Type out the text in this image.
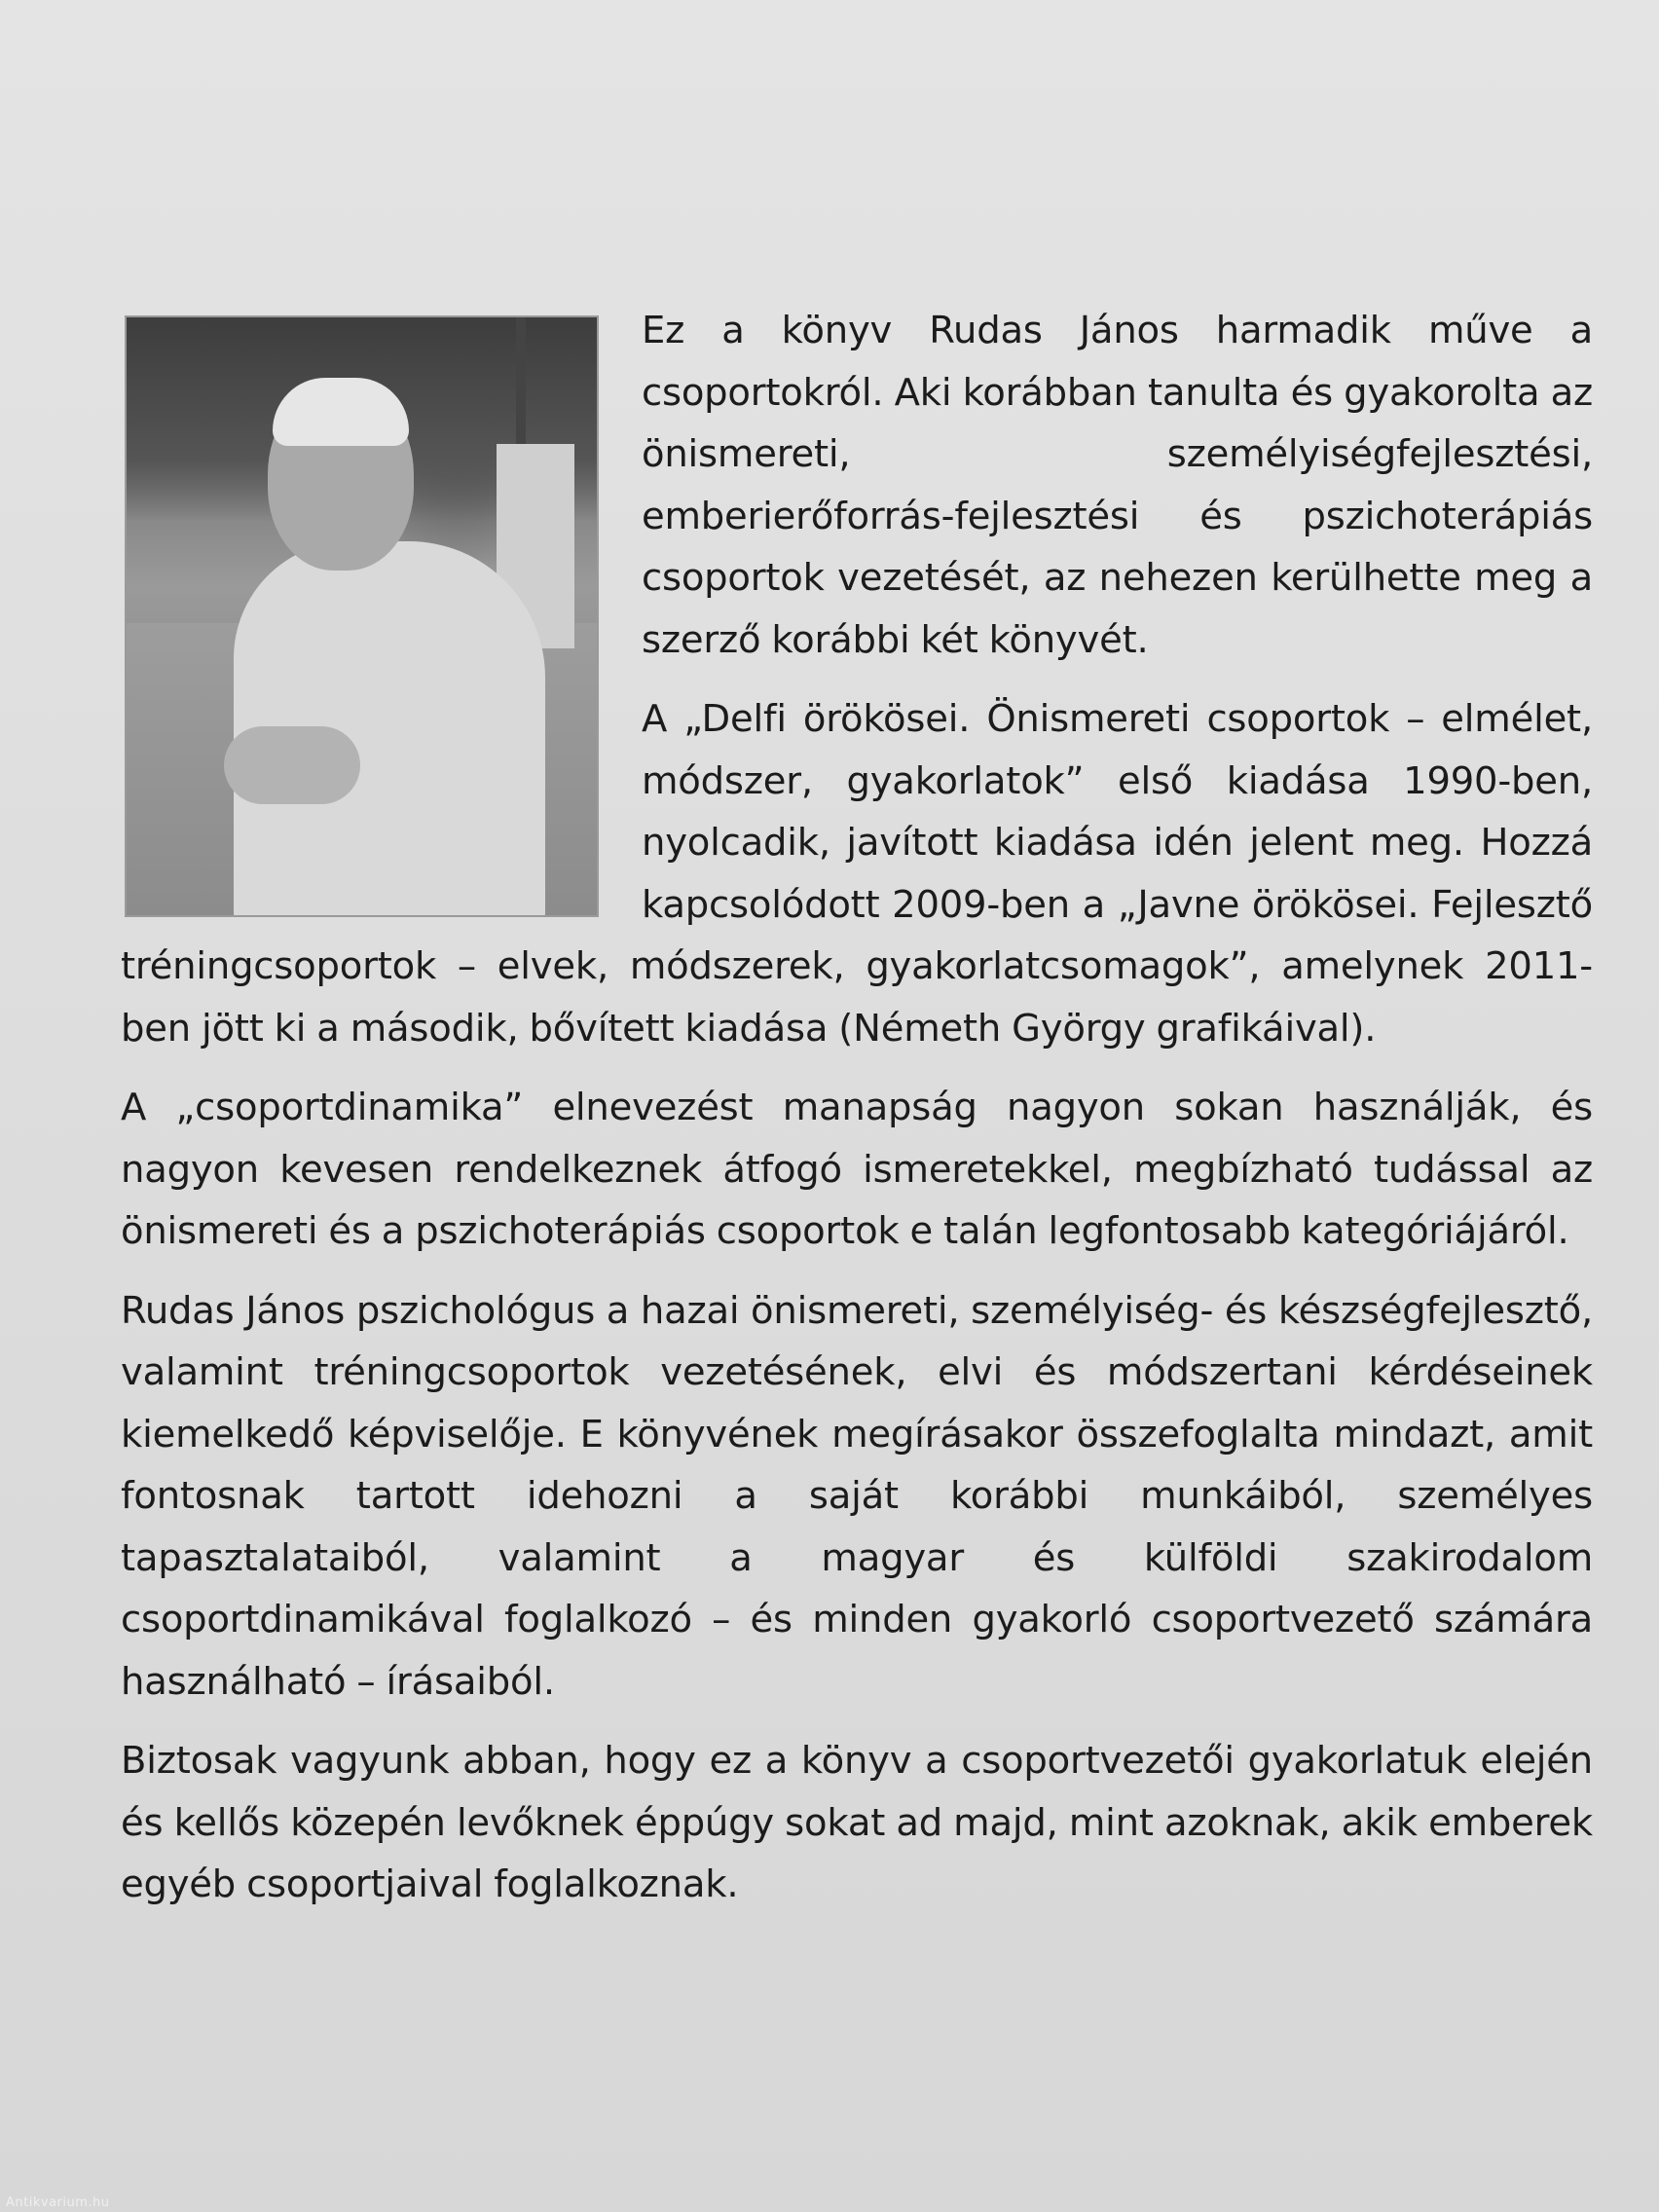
Ez a könyv Rudas János harmadik műve a csoportokról. Aki korábban tanulta és gyakorolta az önismereti, személyiségfejlesztési, emberierőforrás-fejlesztési és pszichoterápiás csoportok vezetését, az nehezen kerülhette meg a szerző korábbi két könyvét.

A „Delfi örökösei. Önismereti csoportok – elmélet, módszer, gyakorlatok” első kiadása 1990-ben, nyolcadik, javított kiadása idén jelent meg. Hozzá kapcsolódott 2009-ben a „Javne örökösei. Fejlesztő tréningcsoportok – elvek, módszerek, gyakorlatcsomagok”, amelynek 2011-ben jött ki a második, bővített kiadása (Németh György grafikáival).

A „csoportdinamika” elnevezést manapság nagyon sokan használják, és nagyon kevesen rendelkeznek átfogó ismeretekkel, megbízható tudással az önismereti és a pszichoterápiás csoportok e talán legfontosabb kategóriájáról.

Rudas János pszichológus a hazai önismereti, személyiség- és készségfejlesztő, valamint tréningcsoportok vezetésének, elvi és módszertani kérdéseinek kiemelkedő képviselője. E könyvének megírásakor összefoglalta mindazt, amit fontosnak tartott idehozni a saját korábbi munkáiból, személyes tapasztalataiból, valamint a magyar és külföldi szakirodalom csoportdinamikával foglalkozó – és minden gyakorló csoportvezető számára használható – írásaiból.

Biztosak vagyunk abban, hogy ez a könyv a csoportvezetői gyakorlatuk elején és kellős közepén levőknek éppúgy sokat ad majd, mint azoknak, akik emberek egyéb csoportjaival foglalkoznak.

Antikvarium.hu
